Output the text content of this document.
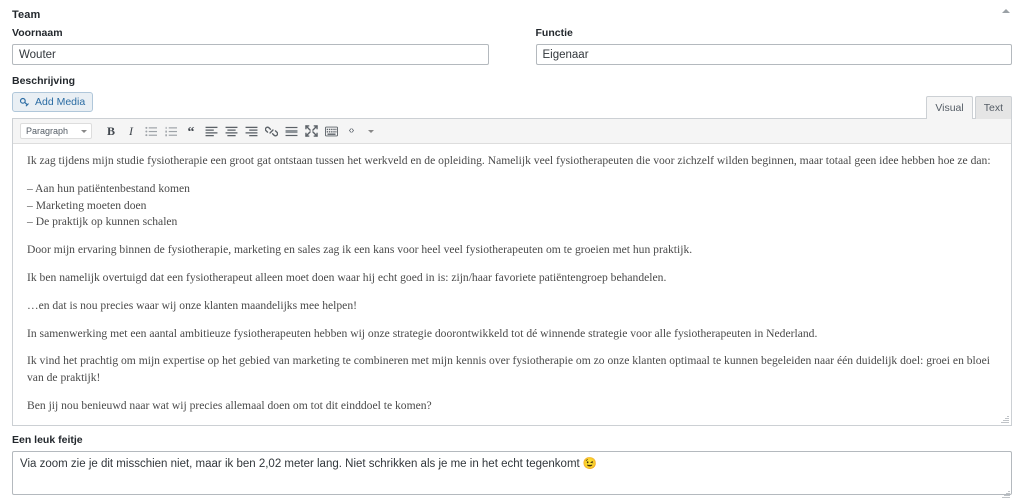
Team
Voornaam
Wouter	Functie
Eigenaar
Beschrijving
Add Media	Visual	Text
Paragraph	B	I	“	‹›

Ik zag tijdens mijn studie fysiotherapie een groot gat ontstaan tussen het werkveld en de opleiding. Namelijk veel fysiotherapeuten die voor zichzelf wilden beginnen, maar totaal geen idee hebben hoe ze dan:

– Aan hun patiëntenbestand komen

– Marketing moeten doen

– De praktijk op kunnen schalen

Door mijn ervaring binnen de fysiotherapie, marketing en sales zag ik een kans voor heel veel fysiotherapeuten om te groeien met hun praktijk.

Ik ben namelijk overtuigd dat een fysiotherapeut alleen moet doen waar hij echt goed in is: zijn/haar favoriete patiëntengroep behandelen.

…en dat is nou precies waar wij onze klanten maandelijks mee helpen!

In samenwerking met een aantal ambitieuze fysiotherapeuten hebben wij onze strategie doorontwikkeld tot dé winnende strategie voor alle fysiotherapeuten in Nederland.

Ik vind het prachtig om mijn expertise op het gebied van marketing te combineren met mijn kennis over fysiotherapie om zo onze klanten optimaal te kunnen begeleiden naar één duidelijk doel: groei en bloei van de praktijk!

Ben jij nou benieuwd naar wat wij precies allemaal doen om tot dit einddoel te komen?

Een leuk feitje
Via zoom zie je dit misschien niet, maar ik ben 2,02 meter lang. Niet schrikken als je me in het echt tegenkomt 😉
